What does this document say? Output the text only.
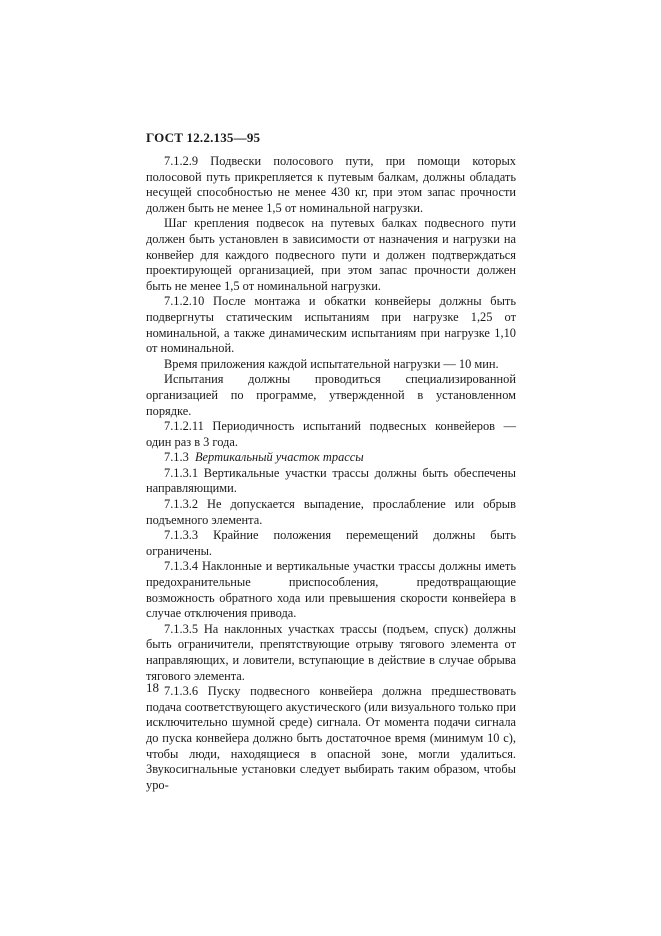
ГОСТ 12.2.135—95

7.1.2.9 Подвески полосового пути, при помощи которых полосовой путь прикрепляется к путевым балкам, должны обладать несущей способностью не менее 430 кг, при этом запас прочности должен быть не менее 1,5 от номинальной нагрузки.

Шаг крепления подвесок на путевых балках подвесного пути должен быть установлен в зависимости от назначения и нагрузки на конвейер для каждого подвесного пути и должен подтверждаться проектирующей организацией, при этом запас прочности должен быть не менее 1,5 от номинальной нагрузки.

7.1.2.10 После монтажа и обкатки конвейеры должны быть подвергнуты статическим испытаниям при нагрузке 1,25 от номинальной, а также динамическим испытаниям при нагрузке 1,10 от номинальной.

Время приложения каждой испытательной нагрузки — 10 мин.

Испытания должны проводиться специализированной организацией по программе, утвержденной в установленном порядке.

7.1.2.11 Периодичность испытаний подвесных конвейеров — один раз в 3 года.

7.1.3 Вертикальный участок трассы

7.1.3.1 Вертикальные участки трассы должны быть обеспечены направляющими.

7.1.3.2 Не допускается выпадение, прослабление или обрыв подъемного элемента.

7.1.3.3 Крайние положения перемещений должны быть ограничены.

7.1.3.4 Наклонные и вертикальные участки трассы должны иметь предохранительные приспособления, предотвращающие возможность обратного хода или превышения скорости конвейера в случае отключения привода.

7.1.3.5 На наклонных участках трассы (подъем, спуск) должны быть ограничители, препятствующие отрыву тягового элемента от направляющих, и ловители, вступающие в действие в случае обрыва тягового элемента.

7.1.3.6 Пуску подвесного конвейера должна предшествовать подача соответствующего акустического (или визуального только при исключительно шумной среде) сигнала. От момента подачи сигнала до пуска конвейера должно быть достаточное время (минимум 10 с), чтобы люди, находящиеся в опасной зоне, могли удалиться. Звукосигнальные установки следует выбирать таким образом, чтобы уро-

18
